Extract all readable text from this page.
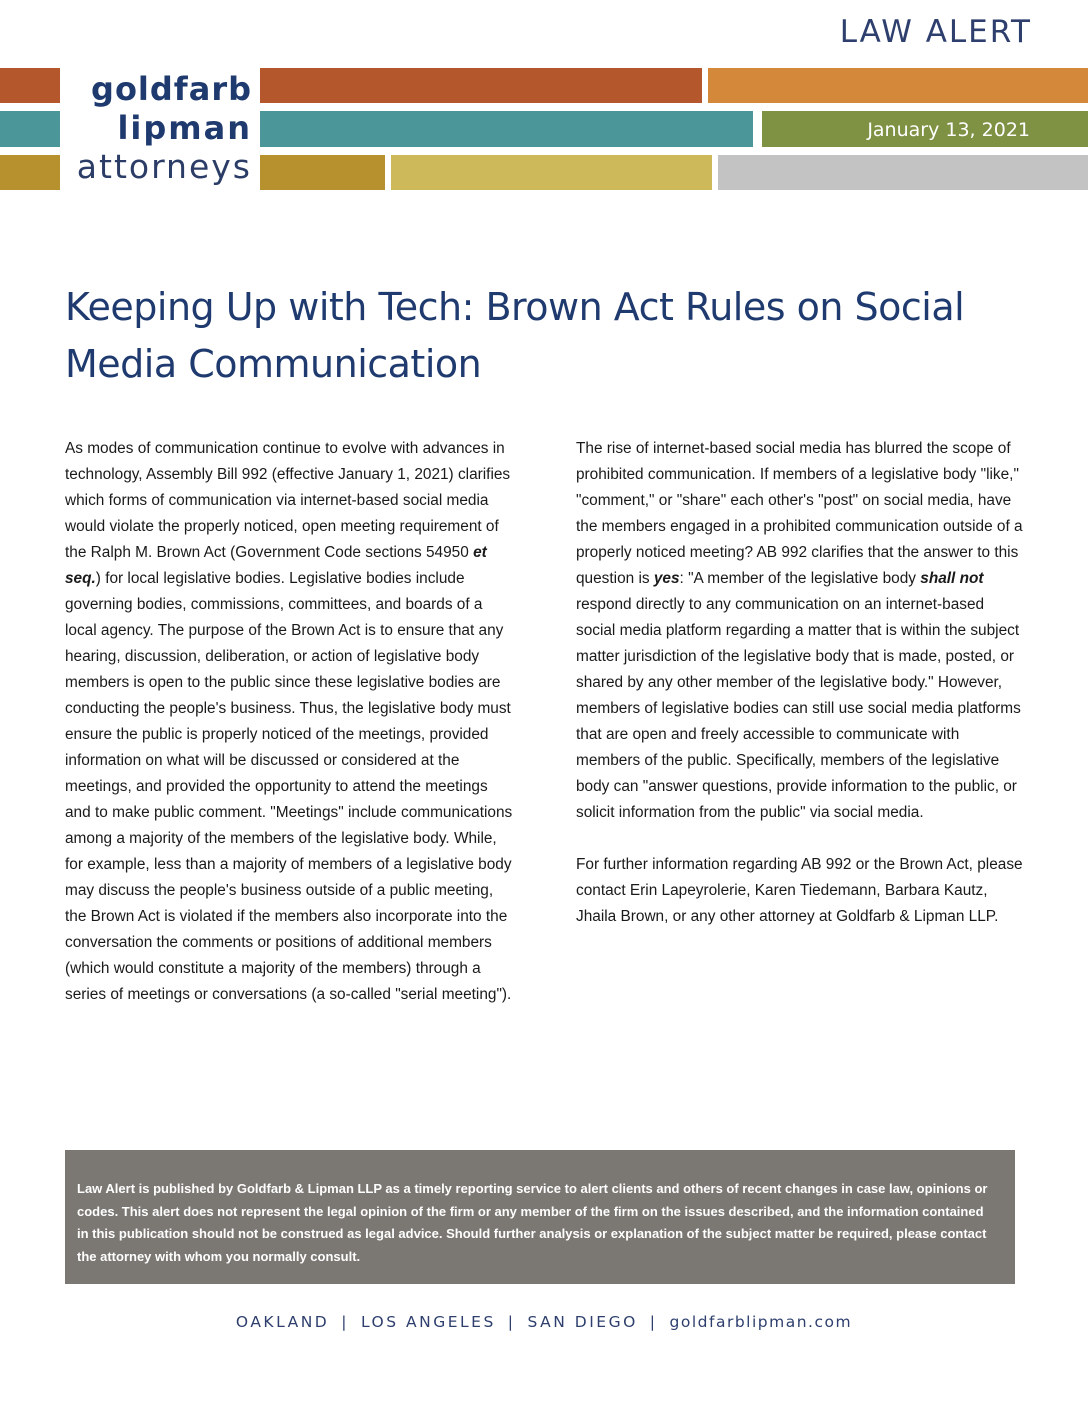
LAW ALERT
goldfarb
lipman
attorneys
January 13, 2021
Keeping Up with Tech: Brown Act Rules on Social Media Communication

As modes of communication continue to evolve with advances in technology, Assembly Bill 992 (effective January 1, 2021) clarifies which forms of communication via internet-based social media would violate the properly noticed, open meeting requirement of the Ralph M. Brown Act (Government Code sections 54950 et seq.) for local legislative bodies. Legislative bodies include governing bodies, commissions, committees, and boards of a local agency. The purpose of the Brown Act is to ensure that any hearing, discussion, deliberation, or action of legislative body members is open to the public since these legislative bodies are conducting the people's business. Thus, the legislative body must ensure the public is properly noticed of the meetings, provided information on what will be discussed or considered at the meetings, and provided the opportunity to attend the meetings and to make public comment. "Meetings" include communications among a majority of the members of the legislative body. While, for example, less than a majority of members of a legislative body may discuss the people's business outside of a public meeting, the Brown Act is violated if the members also incorporate into the conversation the comments or positions of additional members (which would constitute a majority of the members) through a series of meetings or conversations (a so-called "serial meeting").

The rise of internet-based social media has blurred the scope of prohibited communication. If members of a legislative body "like," "comment," or "share" each other's "post" on social media, have the members engaged in a prohibited communication outside of a properly noticed meeting? AB 992 clarifies that the answer to this question is yes: "A member of the legislative body shall not respond directly to any communication on an internet-based social media platform regarding a matter that is within the subject matter jurisdiction of the legislative body that is made, posted, or shared by any other member of the legislative body." However, members of legislative bodies can still use social media platforms that are open and freely accessible to communicate with members of the public. Specifically, members of the legislative body can "answer questions, provide information to the public, or solicit information from the public" via social media.

For further information regarding AB 992 or the Brown Act, please contact Erin Lapeyrolerie, Karen Tiedemann, Barbara Kautz, Jhaila Brown, or any other attorney at Goldfarb & Lipman LLP.

Law Alert is published by Goldfarb & Lipman LLP as a timely reporting service to alert clients and others of recent changes in case law, opinions or codes. This alert does not represent the legal opinion of the firm or any member of the firm on the issues described, and the information contained in this publication should not be construed as legal advice. Should further analysis or explanation of the subject matter be required, please contact the attorney with whom you normally consult.
OAKLAND | LOS ANGELES | SAN DIEGO | goldfarblipman.com
